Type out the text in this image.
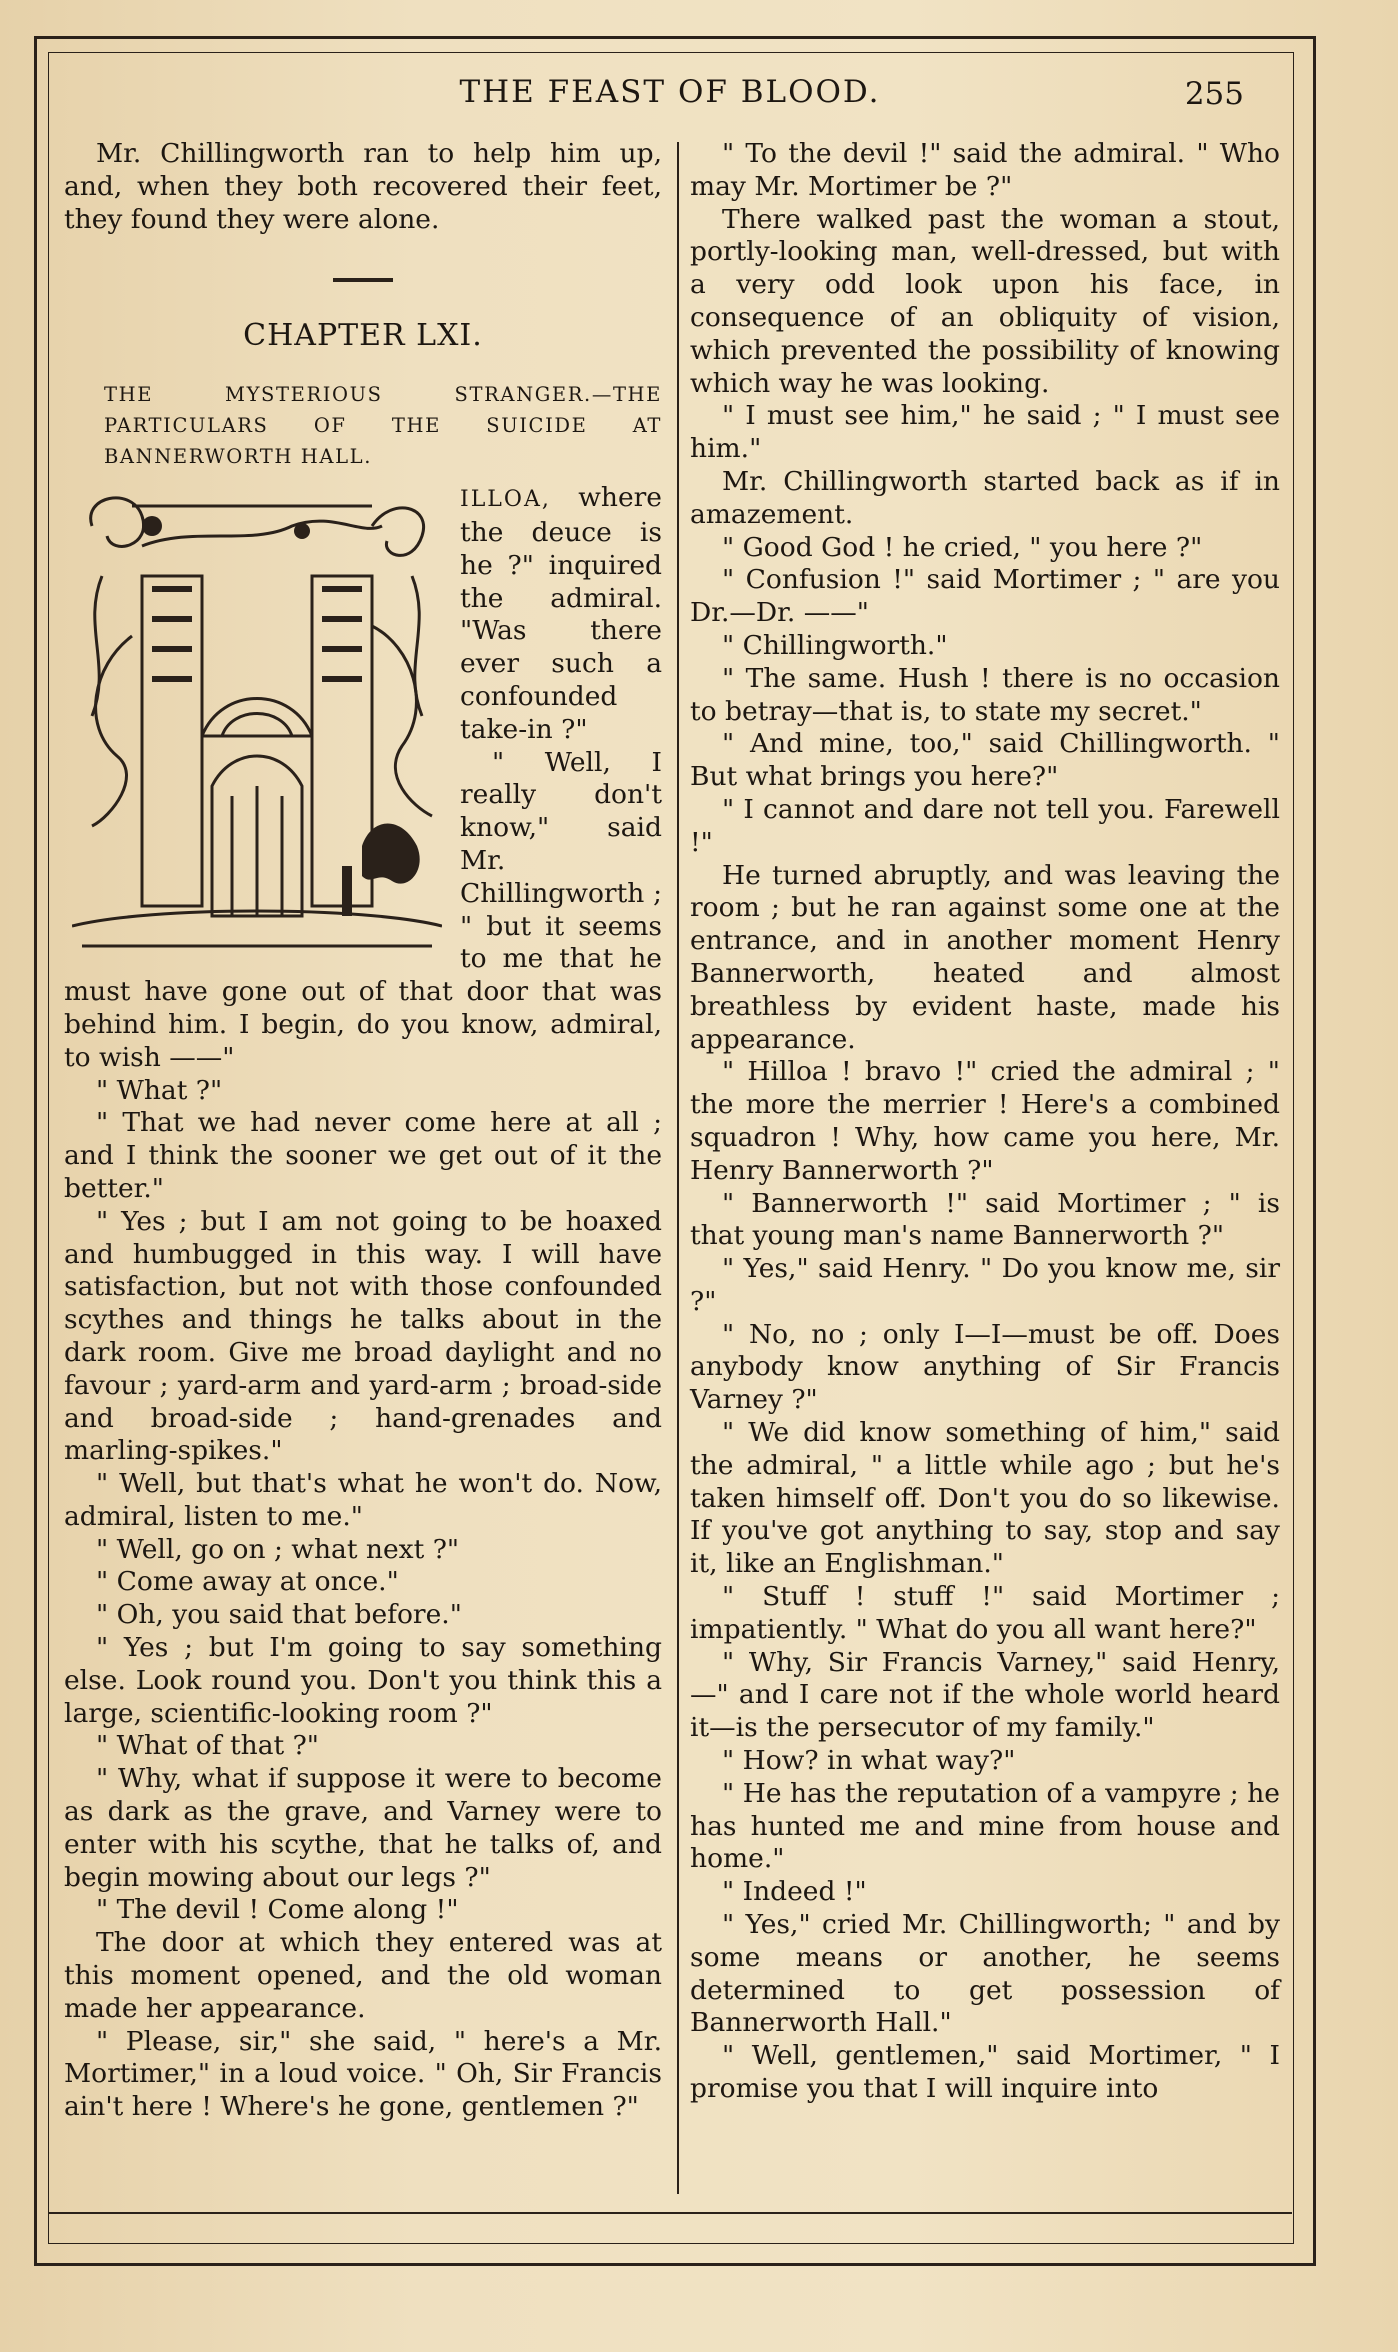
THE FEAST OF BLOOD.	255

Mr. Chillingworth ran to help him up, and, when they both recovered their feet, they found they were alone.

CHAPTER LXI.
THE MYSTERIOUS STRANGER.—THE PARTICULARS OF THE SUICIDE AT BANNERWORTH HALL.

ILLOA, where the deuce is he ?" inquired the admiral. "Was there ever such a confounded take-in ?"

" Well, I really don't know," said Mr. Chillingworth ; " but it seems to me that he must have gone out of that door that was behind him. I begin, do you know, admiral, to wish ——"

" What ?"

" That we had never come here at all ; and I think the sooner we get out of it the better."

" Yes ; but I am not going to be hoaxed and humbugged in this way. I will have satisfaction, but not with those confounded scythes and things he talks about in the dark room. Give me broad daylight and no favour ; yard-arm and yard-arm ; broad-side and broad-side ; hand-grenades and marling-spikes."

" Well, but that's what he won't do. Now, admiral, listen to me."

" Well, go on ; what next ?"

" Come away at once."

" Oh, you said that before."

" Yes ; but I'm going to say something else. Look round you. Don't you think this a large, scientific-looking room ?"

" What of that ?"

" Why, what if suppose it were to become as dark as the grave, and Varney were to enter with his scythe, that he talks of, and begin mowing about our legs ?"

" The devil ! Come along !"

The door at which they entered was at this moment opened, and the old woman made her appearance.

" Please, sir," she said, " here's a Mr. Mortimer," in a loud voice. " Oh, Sir Francis ain't here ! Where's he gone, gentlemen ?"

" To the devil !" said the admiral. " Who may Mr. Mortimer be ?"

There walked past the woman a stout, portly-looking man, well-dressed, but with a very odd look upon his face, in consequence of an obliquity of vision, which prevented the possibility of knowing which way he was looking.

" I must see him," he said ; " I must see him."

Mr. Chillingworth started back as if in amazement.

" Good God ! he cried, " you here ?"

" Confusion !" said Mortimer ; " are you Dr.—Dr. ——"

" Chillingworth."

" The same. Hush ! there is no occasion to betray—that is, to state my secret."

" And mine, too," said Chillingworth. " But what brings you here?"

" I cannot and dare not tell you. Farewell !"

He turned abruptly, and was leaving the room ; but he ran against some one at the entrance, and in another moment Henry Bannerworth, heated and almost breathless by evident haste, made his appearance.

" Hilloa ! bravo !" cried the admiral ; " the more the merrier ! Here's a combined squadron ! Why, how came you here, Mr. Henry Bannerworth ?"

" Bannerworth !" said Mortimer ; " is that young man's name Bannerworth ?"

" Yes," said Henry. " Do you know me, sir ?"

" No, no ; only I—I—must be off. Does anybody know anything of Sir Francis Varney ?"

" We did know something of him," said the admiral, " a little while ago ; but he's taken himself off. Don't you do so likewise. If you've got anything to say, stop and say it, like an Englishman."

" Stuff ! stuff !" said Mortimer ; impatiently. " What do you all want here?"

" Why, Sir Francis Varney," said Henry,—" and I care not if the whole world heard it—is the persecutor of my family."

" How? in what way?"

" He has the reputation of a vampyre ; he has hunted me and mine from house and home."

" Indeed !"

" Yes," cried Mr. Chillingworth; " and by some means or another, he seems determined to get possession of Bannerworth Hall."

" Well, gentlemen," said Mortimer, " I promise you that I will inquire into
